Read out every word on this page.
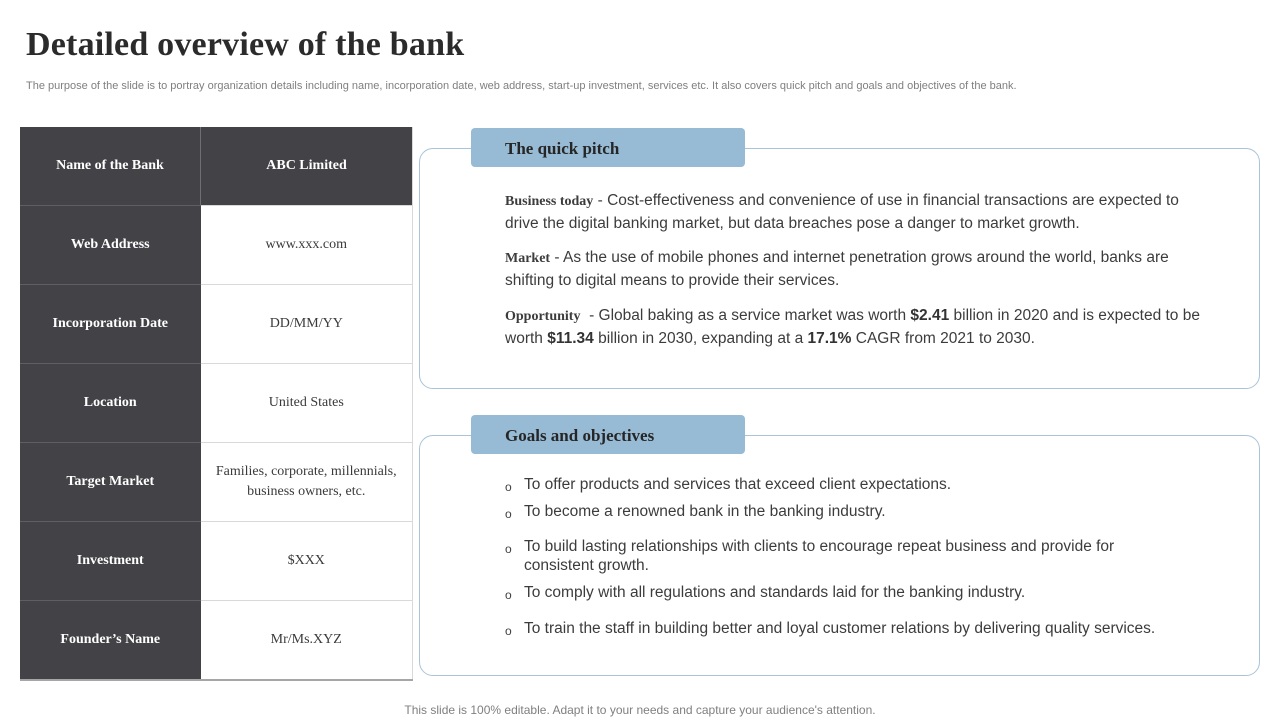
Detailed overview of the bank

The purpose of the slide is to portray organization details including name, incorporation date, web address, start-up investment, services etc. It also covers quick pitch and goals and objectives of the bank.

Name of the Bank	ABC Limited
Web Address	www.xxx.com
Incorporation Date	DD/MM/YY
Location	United States
Target Market	Families, corporate, millennials, business owners, etc.
Investment	$XXX
Founder’s Name	Mr/Ms.XYZ
The quick pitch

Business today - Cost-effectiveness and convenience of use in financial transactions are expected to drive the digital banking market, but data breaches pose a danger to market growth.

Market - As the use of mobile phones and internet penetration grows around the world, banks are shifting to digital means to provide their services.

Opportunity  - Global baking as a service market was worth $2.41 billion in 2020 and is expected to be worth $11.34 billion in 2030, expanding at a 17.1% CAGR from 2021 to 2030.

Goals and objectives

o To offer products and services that exceed client expectations.

o To become a renowned bank in the banking industry.

o To build lasting relationships with clients to encourage repeat business and provide for consistent growth.

o To comply with all regulations and standards laid for the banking industry.

o To train the staff in building better and loyal customer relations by delivering quality services.

This slide is 100% editable. Adapt it to your needs and capture your audience's attention.
